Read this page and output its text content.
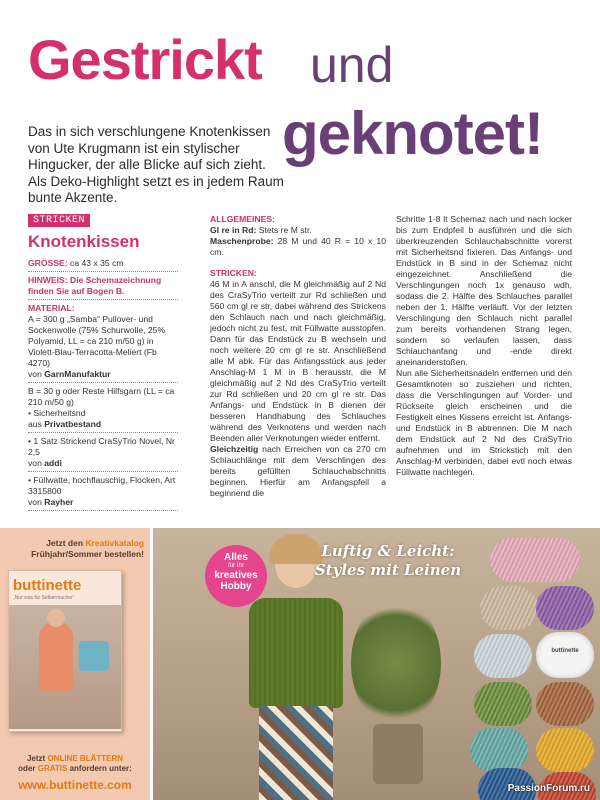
Gestrickt und
geknotet!

Das in sich verschlungene Knotenkissen von Ute Krugmann ist ein stylischer Hingucker, der alle Blicke auf sich zieht. Als Deko-Highlight setzt es in jedem Raum bunte Akzente.

STRICKEN
Knotenkissen

GRÖSSE: ca 43 x 35 cm

HINWEIS: Die Schemazeichnung finden Sie auf Bogen B.

MATERIAL:

A = 300 g „Samba“ Pullover- und Sockenwolle (75% Schurwolle, 25% Polyamid, LL = ca 210 m/50 g) in Violett-Blau-Terracotta-Meliert (Fb 4270)

von GarnManufaktur

B = 30 g oder Reste Hilfsgarn (LL = ca 210 m/50 g)

• Sicherheitsnd

aus Privatbestand

• 1 Satz Strickend CraSyTrio Novel, Nr 2,5

von addi

• Füllwatte, hochflauschig, Flocken, Art 3315800

von Rayher

ALLGEMEINES:

Gl re in Rd: Stets re M str.

Maschenprobe: 28 M und 40 R = 10 x 10 cm.

STRICKEN:

46 M in A anschl, die M gleichmäßig auf 2 Nd des CraSyTrio verteilt zur Rd schließen und 560 cm gl re str, dabei während des Strickens den Schlauch nach und nach gleichmäßig, jedoch nicht zu fest, mit Füllwatte ausstopfen. Dann für das Endstück zu B wechseln und noch weitere 20 cm gl re str. Anschließend alle M abk. Für das Anfangsstück aus jeder Anschlag-M 1 M in B herausstr, die M gleichmäßig auf 2 Nd des CraSyTrio verteilt zur Rd schließen und 20 cm gl re str. Das Anfangs- und Endstück in B dienen der besseren Handhabung des Schlauches während des Verknotens und werden nach Beenden aller Verknotungen wieder entfernt.

Gleichzeitig nach Erreichen von ca 270 cm Schlauchlänge mit dem Verschlingen des bereits gefüllten Schlauchabschnitts beginnen. Hierfür am Anfangspfeil a beginnend die

Schritte 1-8 lt Schemaz nach und nach locker bis zum Endpfeil b ausführen und die sich überkreuzenden Schlauchabschnitte vorerst mit Sicherheitsnd fixieren. Das Anfangs- und Endstück in B sind in der Schemaz nicht eingezeichnet. Anschließend die Verschlingungen noch 1x genauso wdh, sodass die 2. Hälfte des Schlauches parallel neben der 1. Hälfte verläuft. Vor der letzten Verschlingung den Schlauch nicht parallel zum bereits vorhandenen Strang legen, sondern so verlaufen lassen, dass Schlauchanfang und -ende direkt aneinanderstoßen.

Nun alle Sicherheitsnadeln entfernen und den Gesamtknoten so zusziehen und richten, dass die Verschlingungen auf Vorder- und Rückseite gleich erscheinen und die Festigkeit eines Kissens erreicht ist. Anfangs- und Endstück in B abtrennen. Die M nach dem Endstück auf 2 Nd des CraSyTrio aufnehmen und im Strickstich mit den Anschlag-M verbinden, dabei evtl noch etwas Füllwatte nachlegen.

Jetzt den Kreativkatalog
Frühjahr/Sommer bestellen!
buttinette
„Nur was für Selbermacher“
Jetzt ONLINE BLÄTTERN
oder GRATIS anfordern unter:
www.buttinette.com
Luftig & Leicht:
Styles mit Leinen
buttinette
Alles
für Ihr
kreatives
Hobby
PassionForum.ru
